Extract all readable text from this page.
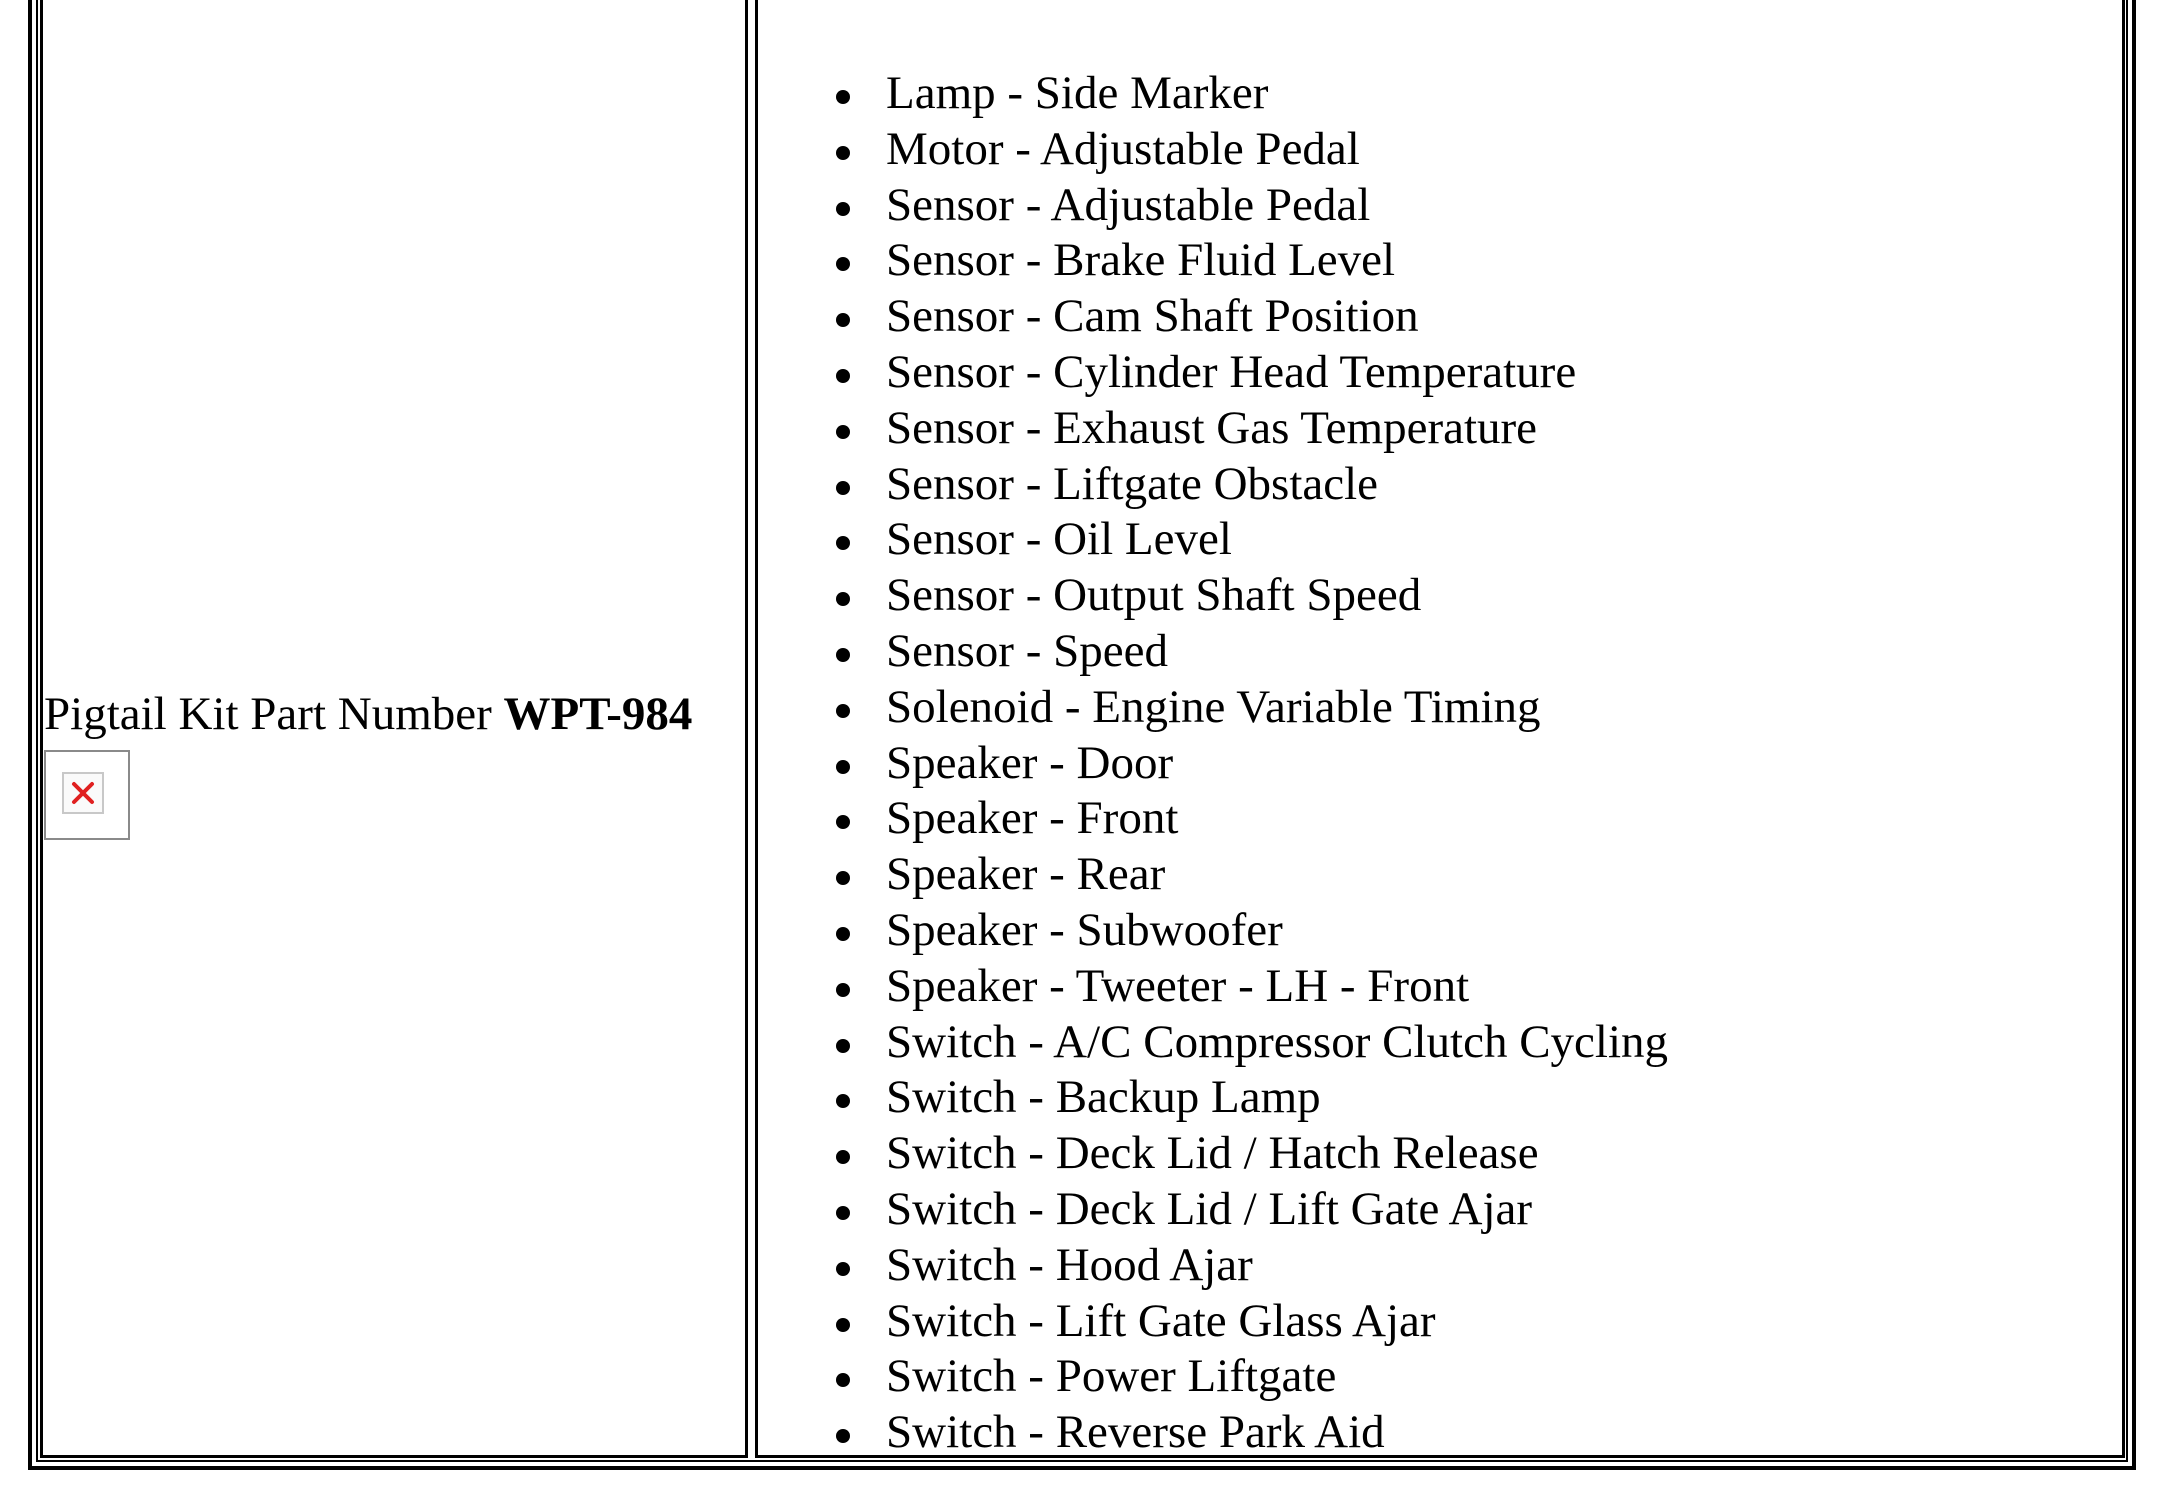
Pigtail Kit Part Number WPT-984
Lamp - Side Marker
Motor - Adjustable Pedal
Sensor - Adjustable Pedal
Sensor - Brake Fluid Level
Sensor - Cam Shaft Position
Sensor - Cylinder Head Temperature
Sensor - Exhaust Gas Temperature
Sensor - Liftgate Obstacle
Sensor - Oil Level
Sensor - Output Shaft Speed
Sensor - Speed
Solenoid - Engine Variable Timing
Speaker - Door
Speaker - Front
Speaker - Rear
Speaker - Subwoofer
Speaker - Tweeter - LH - Front
Switch - A/C Compressor Clutch Cycling
Switch - Backup Lamp
Switch - Deck Lid / Hatch Release
Switch - Deck Lid / Lift Gate Ajar
Switch - Hood Ajar
Switch - Lift Gate Glass Ajar
Switch - Power Liftgate
Switch - Reverse Park Aid
